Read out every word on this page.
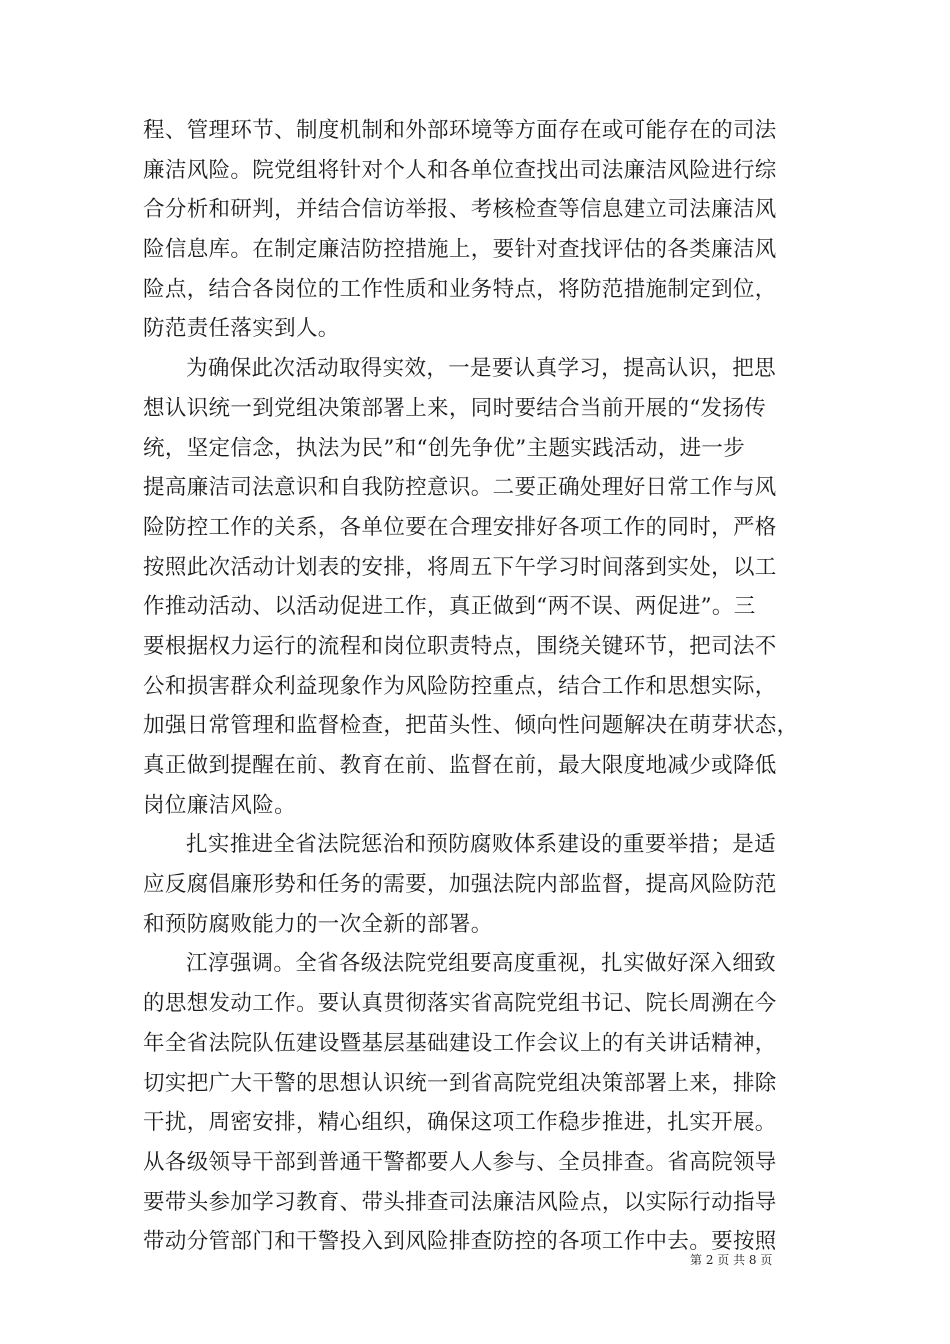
程、管理环节、制度机制和外部环境等方面存在或可能存在的司法
廉洁风险。院党组将针对个人和各单位查找出司法廉洁风险进行综
合分析和研判，并结合信访举报、考核检查等信息建立司法廉洁风
险信息库。在制定廉洁防控措施上，要针对查找评估的各类廉洁风
险点，结合各岗位的工作性质和业务特点，将防范措施制定到位，
防范责任落实到人。
为确保此次活动取得实效，一是要认真学习，提高认识，把思
想认识统一到党组决策部署上来，同时要结合当前开展的“发扬传
统，坚定信念，执法为民”和“创先争优”主题实践活动，进一步
提高廉洁司法意识和自我防控意识。二要正确处理好日常工作与风
险防控工作的关系，各单位要在合理安排好各项工作的同时，严格
按照此次活动计划表的安排，将周五下午学习时间落到实处，以工
作推动活动、以活动促进工作，真正做到“两不误、两促进”。三
要根据权力运行的流程和岗位职责特点，围绕关键环节，把司法不
公和损害群众利益现象作为风险防控重点，结合工作和思想实际，
加强日常管理和监督检查，把苗头性、倾向性问题解决在萌芽状态，
真正做到提醒在前、教育在前、监督在前，最大限度地减少或降低
岗位廉洁风险。
扎实推进全省法院惩治和预防腐败体系建设的重要举措；是适
应反腐倡廉形势和任务的需要，加强法院内部监督，提高风险防范
和预防腐败能力的一次全新的部署。
江淳强调。全省各级法院党组要高度重视，扎实做好深入细致
的思想发动工作。要认真贯彻落实省高院党组书记、院长周溯在今
年全省法院队伍建设暨基层基础建设工作会议上的有关讲话精神，
切实把广大干警的思想认识统一到省高院党组决策部署上来，排除
干扰，周密安排，精心组织，确保这项工作稳步推进，扎实开展。
从各级领导干部到普通干警都要人人参与、全员排查。省高院领导
要带头参加学习教育、带头排查司法廉洁风险点，以实际行动指导
带动分管部门和干警投入到风险排查防控的各项工作中去。要按照
第 2 页 共 8 页
